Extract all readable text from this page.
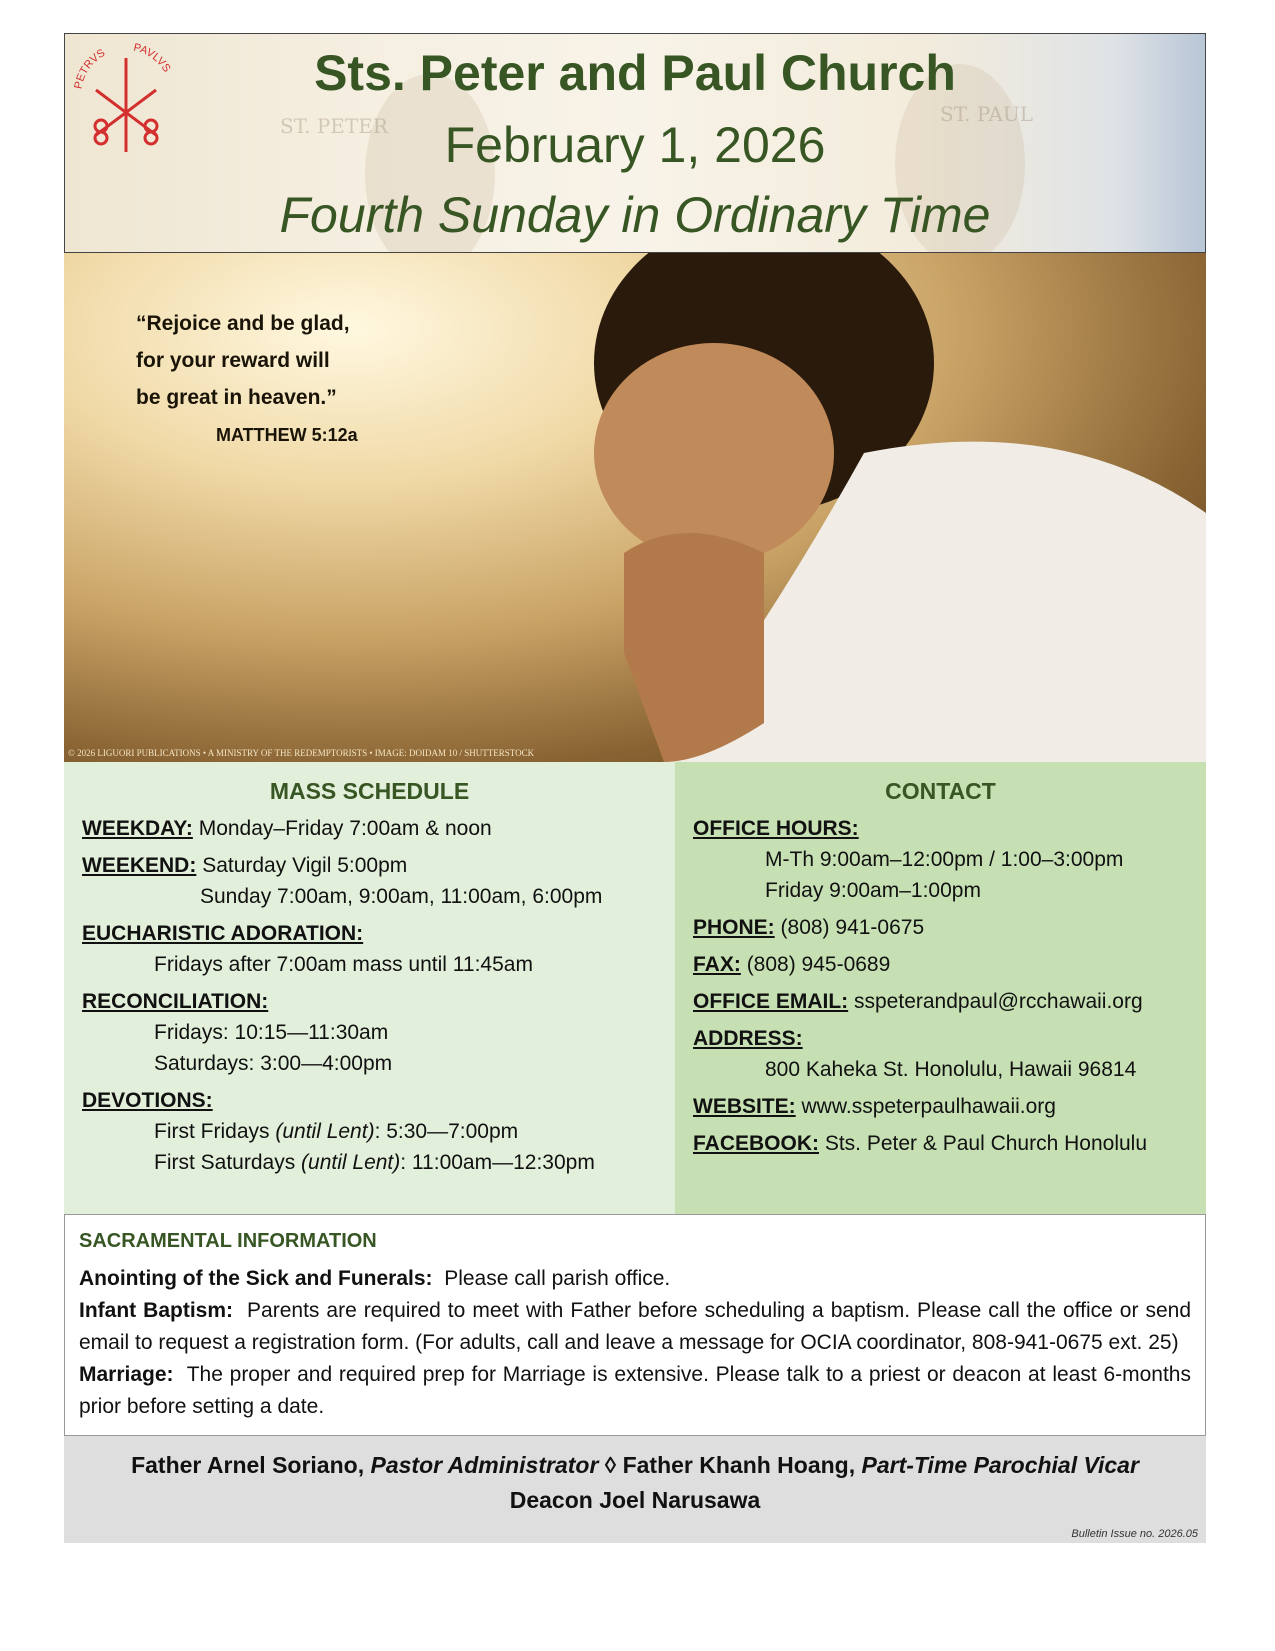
ST. PETER	ST. PAUL
PETRVS PAVLVS	Sts. Peter and Paul Church
February 1, 2026
Fourth Sunday in Ordinary Time
“Rejoice and be glad,
for your reward will
be great in heaven.”
MATTHEW 5:12a
© 2026 LIGUORI PUBLICATIONS • A MINISTRY OF THE REDEMPTORISTS • IMAGE: DOIDAM 10 / SHUTTERSTOCK
MASS SCHEDULE
WEEKDAY: Monday–Friday 7:00am & noon
WEEKEND: Saturday Vigil 5:00pm
Sunday 7:00am, 9:00am, 11:00am, 6:00pm
EUCHARISTIC ADORATION:
Fridays after 7:00am mass until 11:45am
RECONCILIATION:
Fridays: 10:15—11:30am
Saturdays: 3:00—4:00pm
DEVOTIONS:
First Fridays (until Lent): 5:30—7:00pm
First Saturdays (until Lent): 11:00am—12:30pm
CONTACT
OFFICE HOURS:
M-Th 9:00am–12:00pm / 1:00–3:00pm
Friday 9:00am–1:00pm
PHONE: (808) 941-0675
FAX: (808) 945-0689
OFFICE EMAIL: sspeterandpaul@rcchawaii.org
ADDRESS:
800 Kaheka St. Honolulu, Hawaii 96814
WEBSITE: www.sspeterpaulhawaii.org
FACEBOOK: Sts. Peter & Paul Church Honolulu
SACRAMENTAL INFORMATION
Anointing of the Sick and Funerals: Please call parish office.
Infant Baptism: Parents are required to meet with Father before scheduling a baptism. Please call the office or send email to request a registration form. (For adults, call and leave a message for OCIA coordinator, 808-941-0675 ext. 25)
Marriage: The proper and required prep for Marriage is extensive. Please talk to a priest or deacon at least 6-months prior before setting a date.
Father Arnel Soriano, Pastor Administrator ◊ Father Khanh Hoang, Part-Time Parochial Vicar
Deacon Joel Narusawa
Bulletin Issue no. 2026.05
